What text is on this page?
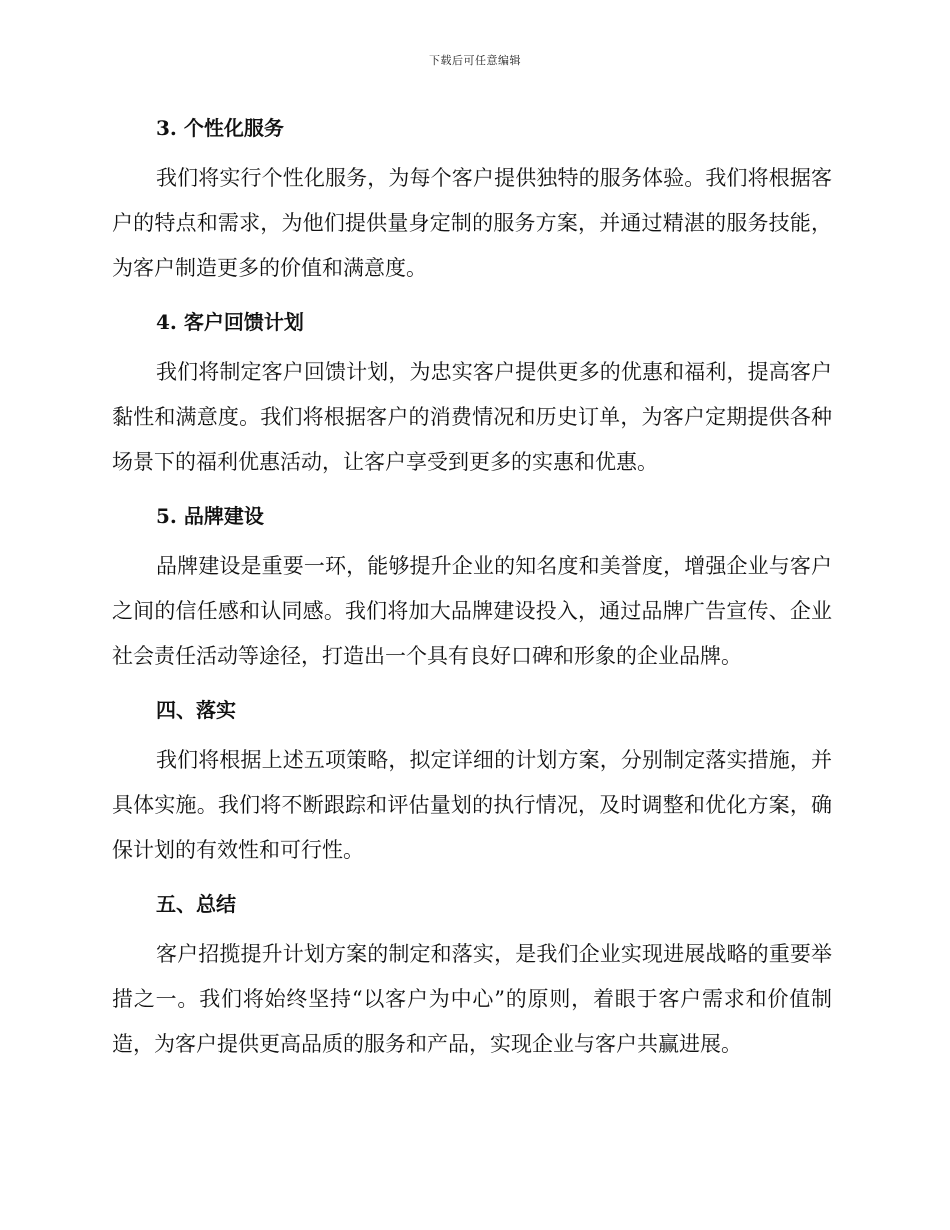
下载后可任意编辑
3. 个性化服务

我们将实行个性化服务，为每个客户提供独特的服务体验。我们将根据客户的特点和需求，为他们提供量身定制的服务方案，并通过精湛的服务技能，为客户制造更多的价值和满意度。

4. 客户回馈计划

我们将制定客户回馈计划，为忠实客户提供更多的优惠和福利，提高客户黏性和满意度。我们将根据客户的消费情况和历史订单，为客户定期提供各种场景下的福利优惠活动，让客户享受到更多的实惠和优惠。

5. 品牌建设

品牌建设是重要一环，能够提升企业的知名度和美誉度，增强企业与客户之间的信任感和认同感。我们将加大品牌建设投入，通过品牌广告宣传、企业社会责任活动等途径，打造出一个具有良好口碑和形象的企业品牌。

四、落实

我们将根据上述五项策略，拟定详细的计划方案，分别制定落实措施，并具体实施。我们将不断跟踪和评估量划的执行情况，及时调整和优化方案，确保计划的有效性和可行性。

五、总结

客户招揽提升计划方案的制定和落实，是我们企业实现进展战略的重要举措之一。我们将始终坚持“以客户为中心”的原则，着眼于客户需求和价值制造，为客户提供更高品质的服务和产品，实现企业与客户共赢进展。
